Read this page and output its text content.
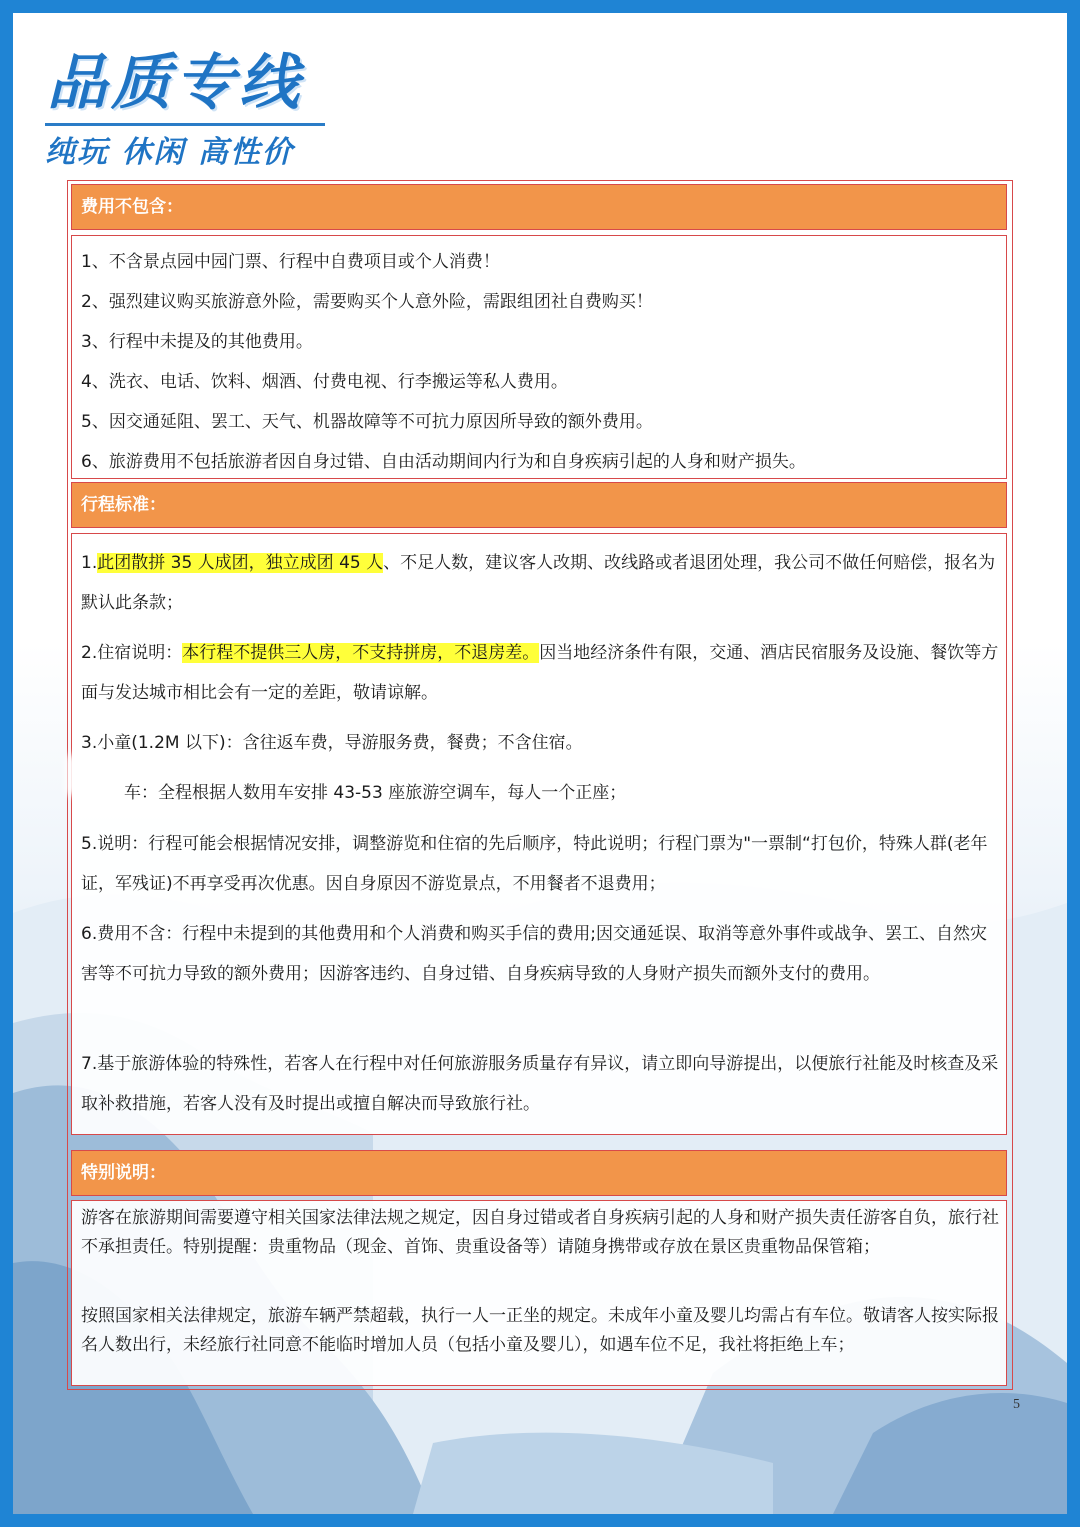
品质专线
纯玩 休闲 高性价
费用不包含：

1、不含景点园中园门票、行程中自费项目或个人消费！

2、强烈建议购买旅游意外险，需要购买个人意外险，需跟组团社自费购买！

3、行程中未提及的其他费用。

4、洗衣、电话、饮料、烟酒、付费电视、行李搬运等私人费用。

5、因交通延阻、罢工、天气、机器故障等不可抗力原因所导致的额外费用。

6、旅游费用不包括旅游者因自身过错、自由活动期间内行为和自身疾病引起的人身和财产损失。

行程标准：

1.此团散拼 35 人成团，独立成团 45 人、不足人数，建议客人改期、改线路或者退团处理，我公司不做任何赔偿，报名为默认此条款；

2.住宿说明：本行程不提供三人房，不支持拼房，不退房差。因当地经济条件有限，交通、酒店民宿服务及设施、餐饮等方面与发达城市相比会有一定的差距，敬请谅解。

3.小童(1.2M 以下)：含往返车费，导游服务费，餐费；不含住宿。

车：全程根据人数用车安排 43-53 座旅游空调车，每人一个正座；

5.说明：行程可能会根据情况安排，调整游览和住宿的先后顺序，特此说明；行程门票为"一票制“打包价，特殊人群(老年证，军残证)不再享受再次优惠。因自身原因不游览景点，不用餐者不退费用；

6.费用不含：行程中未提到的其他费用和个人消费和购买手信的费用;因交通延误、取消等意外事件或战争、罢工、自然灾害等不可抗力导致的额外费用；因游客违约、自身过错、自身疾病导致的人身财产损失而额外支付的费用。

7.基于旅游体验的特殊性，若客人在行程中对任何旅游服务质量存有异议，请立即向导游提出，以便旅行社能及时核查及采取补救措施，若客人没有及时提出或擅自解决而导致旅行社。

特别说明：

游客在旅游期间需要遵守相关国家法律法规之规定，因自身过错或者自身疾病引起的人身和财产损失责任游客自负，旅行社不承担责任。特别提醒：贵重物品（现金、首饰、贵重设备等）请随身携带或存放在景区贵重物品保管箱；

按照国家相关法律规定，旅游车辆严禁超载，执行一人一正坐的规定。未成年小童及婴儿均需占有车位。敬请客人按实际报名人数出行，未经旅行社同意不能临时增加人员（包括小童及婴儿），如遇车位不足，我社将拒绝上车；

5
